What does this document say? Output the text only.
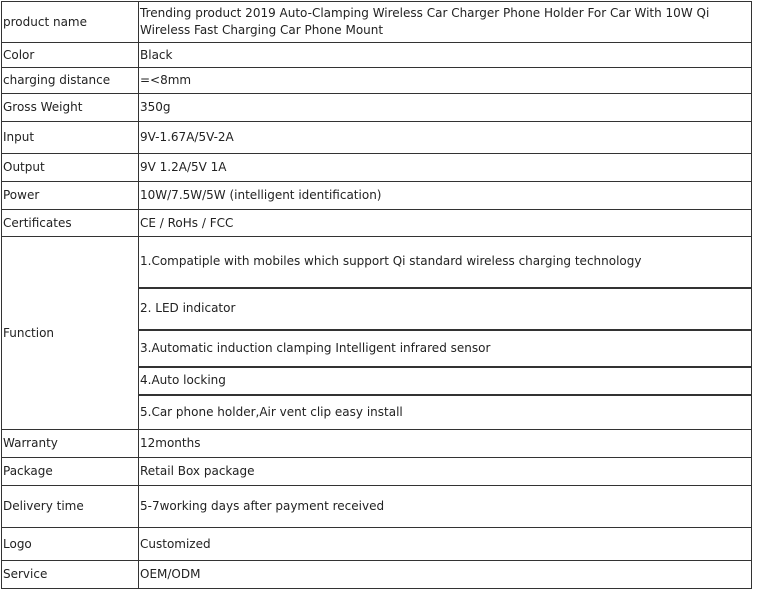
product name	Trending product 2019 Auto-Clamping Wireless Car Charger Phone Holder For Car With 10W Qi Wireless Fast Charging Car Phone Mount
Color	Black
charging distance	=<8mm
Gross Weight	350g
Input	9V-1.67A/5V-2A
Output	9V 1.2A/5V 1A
Power	10W/7.5W/5W (intelligent identification)
Certificates	CE / RoHs / FCC
Function	1.Compatiple with mobiles which support Qi standard wireless charging technology
	2. LED indicator
	3.Automatic induction clamping Intelligent infrared sensor
	4.Auto locking
	5.Car phone holder,Air vent clip easy install
Warranty	12months
Package	Retail Box package
Delivery time	5-7working days after payment received
Logo	Customized
Service	OEM/ODM
